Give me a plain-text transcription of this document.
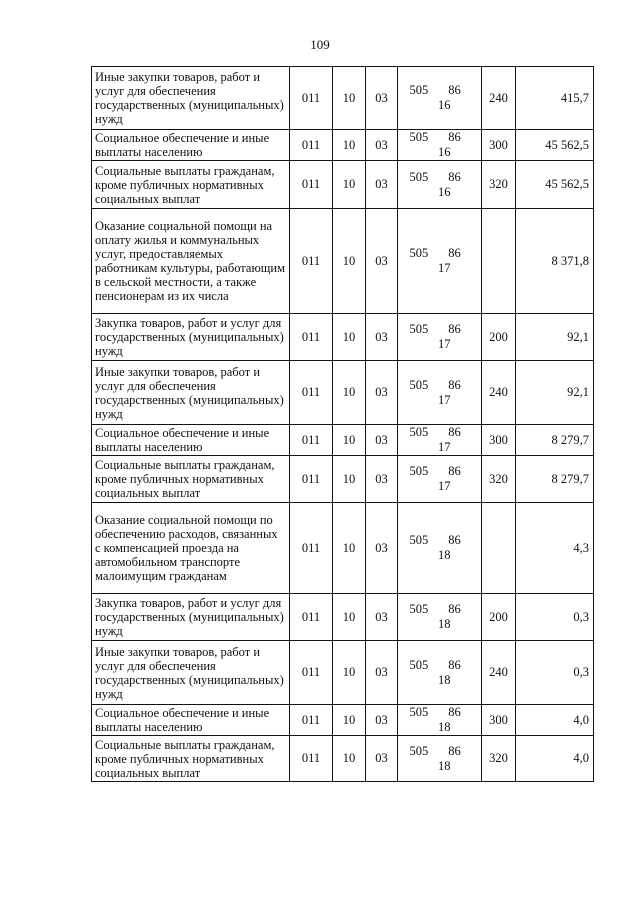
109
Иные закупки товаров, работ и услуг для обеспечения государственных (муниципальных) нужд	011	10	03	505 8616	240	415,7
Социальное обеспечение и иные выплаты населению	011	10	03	505 8616	300	45 562,5
Социальные выплаты гражданам, кроме публичных нормативных социальных выплат	011	10	03	505 8616	320	45 562,5
Оказание социальной помощи на оплату жилья и коммунальных услуг, предоставляемых работникам культуры, работающим в сельской местности, а также пенсионерам из их числа	011	10	03	505 8617		8 371,8
Закупка товаров, работ и услуг для государственных (муниципальных) нужд	011	10	03	505 8617	200	92,1
Иные закупки товаров, работ и услуг для обеспечения государственных (муниципальных) нужд	011	10	03	505 8617	240	92,1
Социальное обеспечение и иные выплаты населению	011	10	03	505 8617	300	8 279,7
Социальные выплаты гражданам, кроме публичных нормативных социальных выплат	011	10	03	505 8617	320	8 279,7
Оказание социальной помощи по обеспечению расходов, связанных с компенсацией проезда на автомобильном транспорте малоимущим гражданам	011	10	03	505 8618		4,3
Закупка товаров, работ и услуг для государственных (муниципальных) нужд	011	10	03	505 8618	200	0,3
Иные закупки товаров, работ и услуг для обеспечения государственных (муниципальных) нужд	011	10	03	505 8618	240	0,3
Социальное обеспечение и иные выплаты населению	011	10	03	505 8618	300	4,0
Социальные выплаты гражданам, кроме публичных нормативных социальных выплат	011	10	03	505 8618	320	4,0
